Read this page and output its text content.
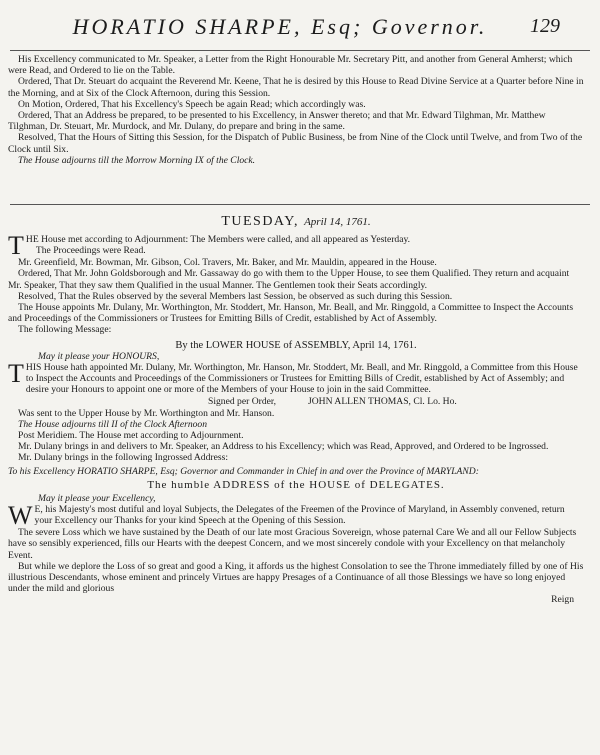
HORATIO SHARPE, Esq; Governor.	129

His Excellency communicated to Mr. Speaker, a Letter from the Right Honourable Mr. Secretary Pitt, and another from General Amherst; which were Read, and Ordered to lie on the Table.

Ordered, That Dr. Steuart do acquaint the Reverend Mr. Keene, That he is desired by this House to Read Divine Service at a Quarter before Nine in the Morning, and at Six of the Clock Afternoon, during this Session.

On Motion, Ordered, That his Excellency's Speech be again Read; which accordingly was.

Ordered, That an Address be prepared, to be presented to his Excellency, in Answer thereto; and that Mr. Edward Tilghman, Mr. Matthew Tilghman, Dr. Steuart, Mr. Murdock, and Mr. Dulany, do prepare and bring in the same.

Resolved, That the Hours of Sitting this Session, for the Dispatch of Public Business, be from Nine of the Clock until Twelve, and from Two of the Clock until Six.

The House adjourns till the Morrow Morning IX of the Clock.

TUESDAY, April 14, 1761.

T HE House met according to Adjournment: The Members were called, and all appeared as Yesterday.

The Proceedings were Read.

Mr. Greenfield, Mr. Bowman, Mr. Gibson, Col. Travers, Mr. Baker, and Mr. Mauldin, appeared in the House.

Ordered, That Mr. John Goldsborough and Mr. Gassaway do go with them to the Upper House, to see them Qualified. They return and acquaint Mr. Speaker, That they saw them Qualified in the usual Manner. The Gentlemen took their Seats accordingly.

Resolved, That the Rules observed by the several Members last Session, be observed as such during this Session.

The House appoints Mr. Dulany, Mr. Worthington, Mr. Stoddert, Mr. Hanson, Mr. Beall, and Mr. Ringgold, a Committee to Inspect the Accounts and Proceedings of the Commissioners or Trustees for Emitting Bills of Credit, established by Act of Assembly.

The following Message:

By the LOWER HOUSE of ASSEMBLY, April 14, 1761.

May it please your HONOURS,

T HIS House hath appointed Mr. Dulany, Mr. Worthington, Mr. Hanson, Mr. Stoddert, Mr. Beall, and Mr. Ringgold, a Committee from this House to Inspect the Accounts and Proceedings of the Commissioners or Trustees for Emitting Bills of Credit, established by Act of Assembly; and desire your Honours to appoint one or more of the Members of your House to join in the said Committee.

Signed per Order,	JOHN ALLEN THOMAS, Cl. Lo. Ho.

Was sent to the Upper House by Mr. Worthington and Mr. Hanson.

The House adjourns till II of the Clock Afternoon

Post Meridiem. The House met according to Adjournment.

Mr. Dulany brings in and delivers to Mr. Speaker, an Address to his Excellency; which was Read, Approved, and Ordered to be Ingrossed.

Mr. Dulany brings in the following Ingrossed Address:

To his Excellency HORATIO SHARPE, Esq; Governor and Commander in Chief in and over the Province of MARYLAND:

The humble ADDRESS of the HOUSE of DELEGATES.

May it please your Excellency,

W E, his Majesty's most dutiful and loyal Subjects, the Delegates of the Freemen of the Province of Maryland, in Assembly convened, return your Excellency our Thanks for your kind Speech at the Opening of this Session.

The severe Loss which we have sustained by the Death of our late most Gracious Sovereign, whose paternal Care We and all our Fellow Subjects have so sensibly experienced, fills our Hearts with the deepest Concern, and we most sincerely condole with your Excellency on that melancholy Event.

But while we deplore the Loss of so great and good a King, it affords us the highest Consolation to see the Throne immediately filled by one of His illustrious Descendants, whose eminent and princely Virtues are happy Presages of a Continuance of all those Blessings we have so long enjoyed under the mild and glorious

Reign
